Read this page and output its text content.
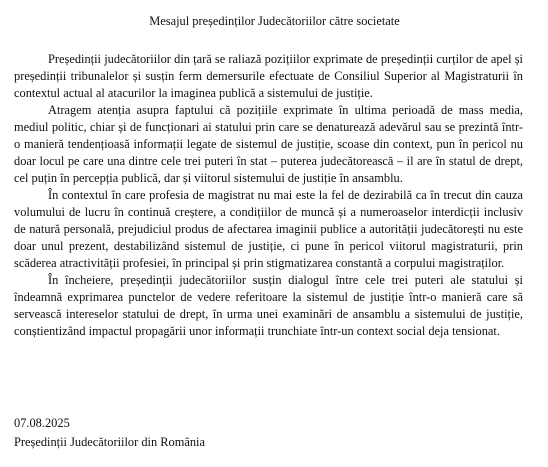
Mesajul președinților Judecătoriilor către societate

Președinții judecătoriilor din țară se raliază pozițiilor exprimate de președinții curților de apel și președinții tribunalelor și susțin ferm demersurile efectuate de Consiliul Superior al Magistraturii în contextul actual al atacurilor la imaginea publică a sistemului de justiție.

Atragem atenția asupra faptului că pozițiile exprimate în ultima perioadă de mass media, mediul politic, chiar și de funcționari ai statului prin care se denaturează adevărul sau se prezintă într-o manieră tendențioasă informații legate de sistemul de justiție, scoase din context, pun în pericol nu doar locul pe care una dintre cele trei puteri în stat – puterea judecătorească – il are în statul de drept, cel puțin în percepția publică, dar și viitorul sistemului de justiție în ansamblu.

În contextul în care profesia de magistrat nu mai este la fel de dezirabilă ca în trecut din cauza volumului de lucru în continuă creștere, a condițiilor de muncă și a numeroaselor interdicții inclusiv de natură personală, prejudiciul produs de afectarea imaginii publice a autorității judecătorești nu este doar unul prezent, destabilizând sistemul de justiție, ci pune în pericol viitorul magistraturii, prin scăderea atractivității profesiei, în principal și prin stigmatizarea constantă a corpului magistraților.

În încheiere, președinții judecătoriilor susțin dialogul între cele trei puteri ale statului și îndeamnă exprimarea punctelor de vedere referitoare la sistemul de justiție într-o manieră care să servească intereselor statului de drept, în urma unei examinări de ansamblu a sistemului de justiție, conștientizând impactul propagării unor informații trunchiate într-un context social deja tensionat.

07.08.2025
Președinții Judecătoriilor din România
